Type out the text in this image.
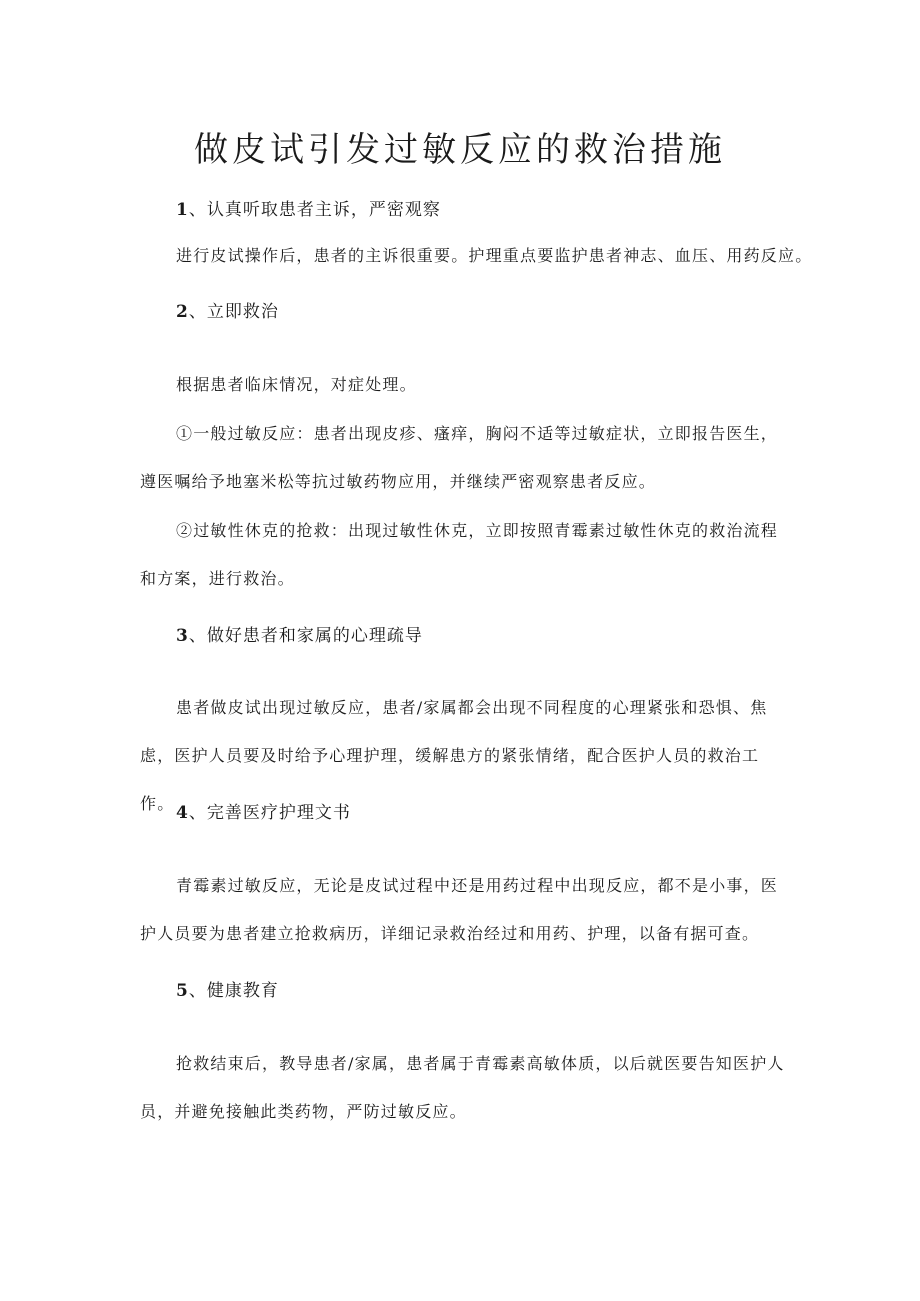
做皮试引发过敏反应的救治措施
1、认真听取患者主诉，严密观察

进行皮试操作后，患者的主诉很重要。护理重点要监护患者神志、血压、用药反应。

2、立即救治

根据患者临床情况，对症处理。

①一般过敏反应：患者出现皮疹、瘙痒，胸闷不适等过敏症状，立即报告医生，遵医嘱给予地塞米松等抗过敏药物应用，并继续严密观察患者反应。

②过敏性休克的抢救：出现过敏性休克，立即按照青霉素过敏性休克的救治流程和方案，进行救治。

3、做好患者和家属的心理疏导

患者做皮试出现过敏反应，患者/家属都会出现不同程度的心理紧张和恐惧、焦虑，医护人员要及时给予心理护理，缓解患方的紧张情绪，配合医护人员的救治工作。 4、完善医疗护理文书

青霉素过敏反应，无论是皮试过程中还是用药过程中出现反应，都不是小事，医护人员要为患者建立抢救病历，详细记录救治经过和用药、护理，以备有据可查。

5、健康教育

抢救结束后，教导患者/家属，患者属于青霉素高敏体质，以后就医要告知医护人员，并避免接触此类药物，严防过敏反应。
